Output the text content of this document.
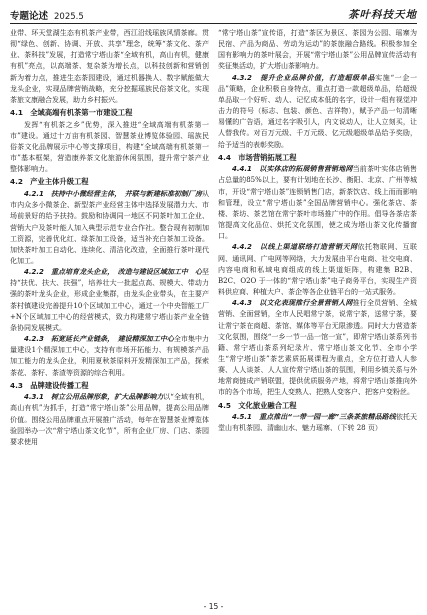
专题论述 2025.5	茶叶科技天地

业带、环天堂湖生态有机茶产业带，西江沿线瑶族风情茶廊。贯彻“绿色、创新、协调、开放、共享”理念，统筹“茶文化、茶产业、茶科技”发展，打造常宁塔山茶“全域有机，高山有机，健康有机”亮点，以高端茶、复杂茶为增长点，以科技创新和营销创新为着力点，推进生态茶园建设，通过机器换人、数字赋能做大龙头企业，实现品牌营销战略，充分挖掘瑶族民俗茶文化，实现茶旅文康融合发展，助力乡村振兴。

4.1　全域高端有机茶第一市建设工程

发挥“有机茶之乡”优势，深入推进“全域高端有机茶第一市”建设。通过十万亩有机茶园、智慧茶业博览体验园、瑶族民俗茶文化品牌展示中心等支撑项目，构建“全域高端有机茶第一市”基本框架，营造康养茶文化旅游休闲氛围，提升常宁茶产业整体影响力。

4.2　产业主体升级工程

4.2.1　扶持中小微经营主体，　并联与新建标准初制厂房从市内众多小微茶企、新型茶产业经营主体中选择发展潜力大、市场前景好的给予扶持。鼓励和协调同一地区不同茶叶加工企业、营销大户及茶叶能人加入典型示范专业合作社。整合现有初制加工资源，完善优化红、绿茶加工设备，适当补充白茶加工设备。加快茶叶加工自动化、连续化、清洁化改造，全面推行茶叶现代化加工。

4.2.2　重点培育龙头企业，　改造与建设区域加工中　心坚持“扶优、扶大、扶强”，培养壮大一批起点高、规模大、带动力强的茶叶龙头企业，形成企业集群，由龙头企业带头，在主要产茶村镇建设完善提升10个区域加工中心，通过一个中央智能工厂+N个区域加工中心的经营模式，致力构建常宁塔山茶产业全链条协同发展模式。

4.2.3　拓宽延长产业链条，　建设精深加工中心全市集中力量建设1个精深加工中心，支持有市场开拓能力、有规模茶产品加工能力的龙头企业，利用夏秋茶原料开发精深加工产品，探索茶花、茶籽、茶渣等资源的综合利用。

4.3　品牌建设传播工程

4.3.1　树立公用品牌形象，扩大品牌影响力以“全域有机，高山有机”为抓手，打造“常宁塔山茶”公用品牌，提高公用品牌价值。围绕公用品牌重点开展推广活动，每年在智慧茶业博览体验园举办一次“常宁塔山茶文化节”，所有企业厂房、门店、茶园要求使用

“常宁塔山茶”宣传语，打造“茶区为景区、茶园为公园、瑶寨为民宿、产品为商品、劳动为运动”的茶旅融合路线。积极参加全国有影响力的茶叶展会，开展“常宁塔山茶”公用品牌宣传活动有奖征集活动，扩大塔山茶影响力。

4.3.2　提升企业品牌价值，打造超级单品实施“一企一品”策略，企业积极自身特点，重点打造一款超级单品，给超级单品取一个好听、动人、记忆成本低的名字，设计一组有视觉冲击力的符号（标志、包装、颜色、吉祥物），赋予产品一句清晰易懂的广告语，通过名字吸引人，内文说动人，让人立刻买，让人替我传。对百万元级、千万元级、亿元级超级单品给予奖励，给予适当的表彰奖励。

4.4　市场营销拓展工程

4.4.1　以实体店的拓展销售营销地网当前茶叶实体店销售占总量的85%以上，要有计划地在长沙、衡阳、北京、广州等城市，开设“常宁塔山茶”连锁销售门店，新茶饮店、线上而而影响和管理，设立“常宁塔山茶”全国品牌营销中心。强化茶店、茶楼、茶坊、茶艺馆在常宁茶叶市场推广中的作用。倡导各茶店茶馆提高文化品位、烘托文化氛围，使之成为塔山茶文化传播窗口。

4.4.2　以线上渠道联络打造营销天网依托物联网、互联网、通讯网、广电网等网络，大力发展由平台电商、社交电商、内容电商和私域电商组成的线上渠道矩阵，构建集 B2B、B2C、O2O 于一体的“常宁塔山茶”电子商务平台，实现生产资料供应商、种植大户、茶企等各企业链平台的一站式服务。

4.4.3　以文化表现推行全景营销人网推行全员营销、全城营销、全面营销，全市人民唱常宁茶，说常宁茶，送常宁茶，要让常宁茶在商超、茶馆、媒体等平台无限渗透。同时大力营造茶文化氛围，围绕“一乡一节一品一馆一宣”，即常宁塔山茶系列书籍、常宁塔山茶系列纪录片、常宁塔山茶文化节、全市小学生“常宁塔山茶”茶艺素质拓展课程为重点，全方位打造人人参赛、人人谈茶、人人宣传常宁塔山茶的氛围，利用乡镇关系与外地常商链成产销联盟，提供优质服务产地，将常宁塔山茶推向外市的各个市场，把生人变熟人、把熟人变客户、把客户变粉丝。

4.5　文化旅业融合工程

4.5.1　重点推出“一带一园一廊”三条茶旅精品路线依托天堂山有机茶园、清幽山水、魅力瑶寨、（下转 28 页）

- 15 -
